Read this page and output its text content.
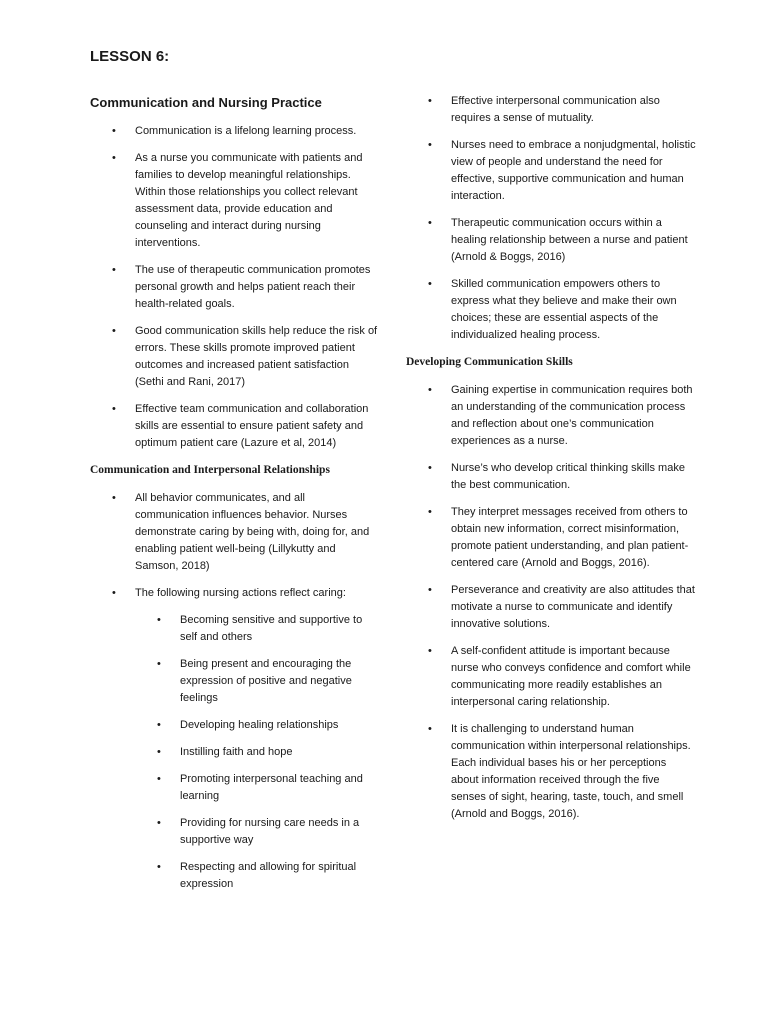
LESSON 6:
Communication and Nursing Practice
• Communication is a lifelong learning process.
• As a nurse you communicate with patients and families to develop meaningful relationships. Within those relationships you collect relevant assessment data, provide education and counseling and interact during nursing interventions.
• The use of therapeutic communication promotes personal growth and helps patient reach their health-related goals.
• Good communication skills help reduce the risk of errors. These skills promote improved patient outcomes and increased patient satisfaction (Sethi and Rani, 2017)
• Effective team communication and collaboration skills are essential to ensure patient safety and optimum patient care (Lazure et al, 2014)
Communication and Interpersonal Relationships
• All behavior communicates, and all communication influences behavior. Nurses demonstrate caring by being with, doing for, and enabling patient well-being (Lillykutty and Samson, 2018)
• The following nursing actions reflect caring:
• Becoming sensitive and supportive to self and others
• Being present and encouraging the expression of positive and negative feelings
• Developing healing relationships
• Instilling faith and hope
• Promoting interpersonal teaching and learning
• Providing for nursing care needs in a supportive way
• Respecting and allowing for spiritual expression
• Effective interpersonal communication also requires a sense of mutuality.
• Nurses need to embrace a nonjudgmental, holistic view of people and understand the need for effective, supportive communication and human interaction.
• Therapeutic communication occurs within a healing relationship between a nurse and patient (Arnold & Boggs, 2016)
• Skilled communication empowers others to express what they believe and make their own choices; these are essential aspects of the individualized healing process.
Developing Communication Skills
• Gaining expertise in communication requires both an understanding of the communication process and reflection about one’s communication experiences as a nurse.
• Nurse’s who develop critical thinking skills make the best communication.
• They interpret messages received from others to obtain new information, correct misinformation, promote patient understanding, and plan patient-centered care (Arnold and Boggs, 2016).
• Perseverance and creativity are also attitudes that motivate a nurse to communicate and identify innovative solutions.
• A self-confident attitude is important because nurse who conveys confidence and comfort while communicating more readily establishes an interpersonal caring relationship.
• It is challenging to understand human communication within interpersonal relationships. Each individual bases his or her perceptions about information received through the five senses of sight, hearing, taste, touch, and smell (Arnold and Boggs, 2016).
